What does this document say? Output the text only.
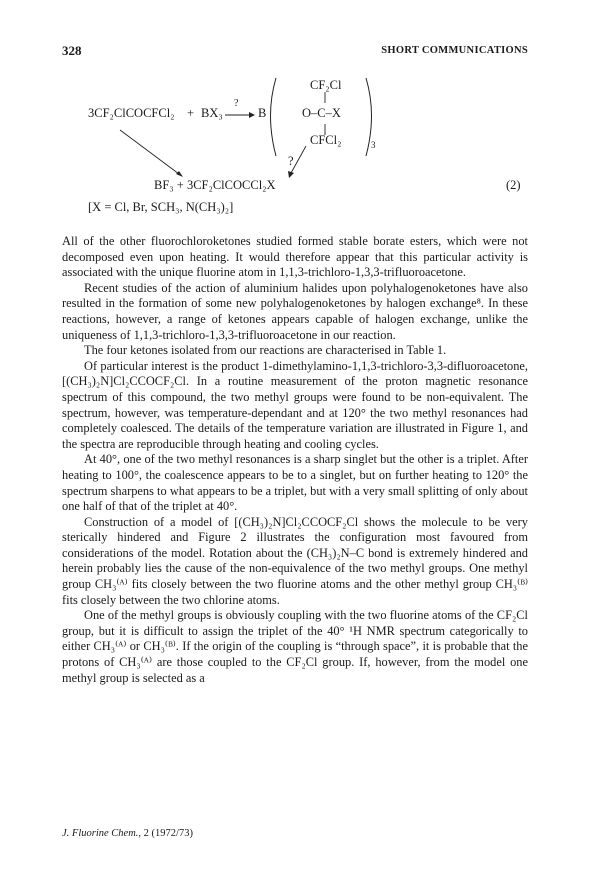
328	SHORT COMMUNICATIONS
3CF₂ClCOCFCl₂ + BX₃
?
B
CF₂Cl
O–C–X
CFCl₂	3
?
BF₃ + 3CF₂ClCOCCl₂X	(2)
[X = Cl, Br, SCH₃, N(CH₃)₂]

All of the other fluorochloroketones studied formed stable borate esters, which were not decomposed even upon heating. It would therefore appear that this particular activity is associated with the unique fluorine atom in 1,1,3-trichloro-1,3,3-trifluoroacetone.

Recent studies of the action of aluminium halides upon polyhalogenoketones have also resulted in the formation of some new polyhalogenoketones by halogen exchange⁸. In these reactions, however, a range of ketones appears capable of halogen exchange, unlike the uniqueness of 1,1,3-trichloro-1,3,3-trifluoroacetone in our reaction.

The four ketones isolated from our reactions are characterised in Table 1.

Of particular interest is the product 1-dimethylamino-1,1,3-trichloro-3,3-difluoroacetone, [(CH₃)₂N]Cl₂CCOCF₂Cl. In a routine measurement of the proton magnetic resonance spectrum of this compound, the two methyl groups were found to be non-equivalent. The spectrum, however, was temperature-dependant and at 120° the two methyl resonances had completely coalesced. The details of the temperature variation are illustrated in Figure 1, and the spectra are reproducible through heating and cooling cycles.

At 40°, one of the two methyl resonances is a sharp singlet but the other is a triplet. After heating to 100°, the coalescence appears to be to a singlet, but on further heating to 120° the spectrum sharpens to what appears to be a triplet, but with a very small splitting of only about one half of that of the triplet at 40°.

Construction of a model of [(CH₃)₂N]Cl₂CCOCF₂Cl shows the molecule to be very sterically hindered and Figure 2 illustrates the configuration most favoured from considerations of the model. Rotation about the (CH₃)₂N–C bond is extremely hindered and herein probably lies the cause of the non-equivalence of the two methyl groups. One methyl group CH₃⁽ᴬ⁾ fits closely between the two fluorine atoms and the other methyl group CH₃⁽ᴮ⁾ fits closely between the two chlorine atoms.

One of the methyl groups is obviously coupling with the two fluorine atoms of the CF₂Cl group, but it is difficult to assign the triplet of the 40° ¹H NMR spectrum categorically to either CH₃⁽ᴬ⁾ or CH₃⁽ᴮ⁾. If the origin of the coupling is “through space”, it is probable that the protons of CH₃⁽ᴬ⁾ are those coupled to the CF₂Cl group. If, however, from the model one methyl group is selected as a

J. Fluorine Chem., 2 (1972/73)
